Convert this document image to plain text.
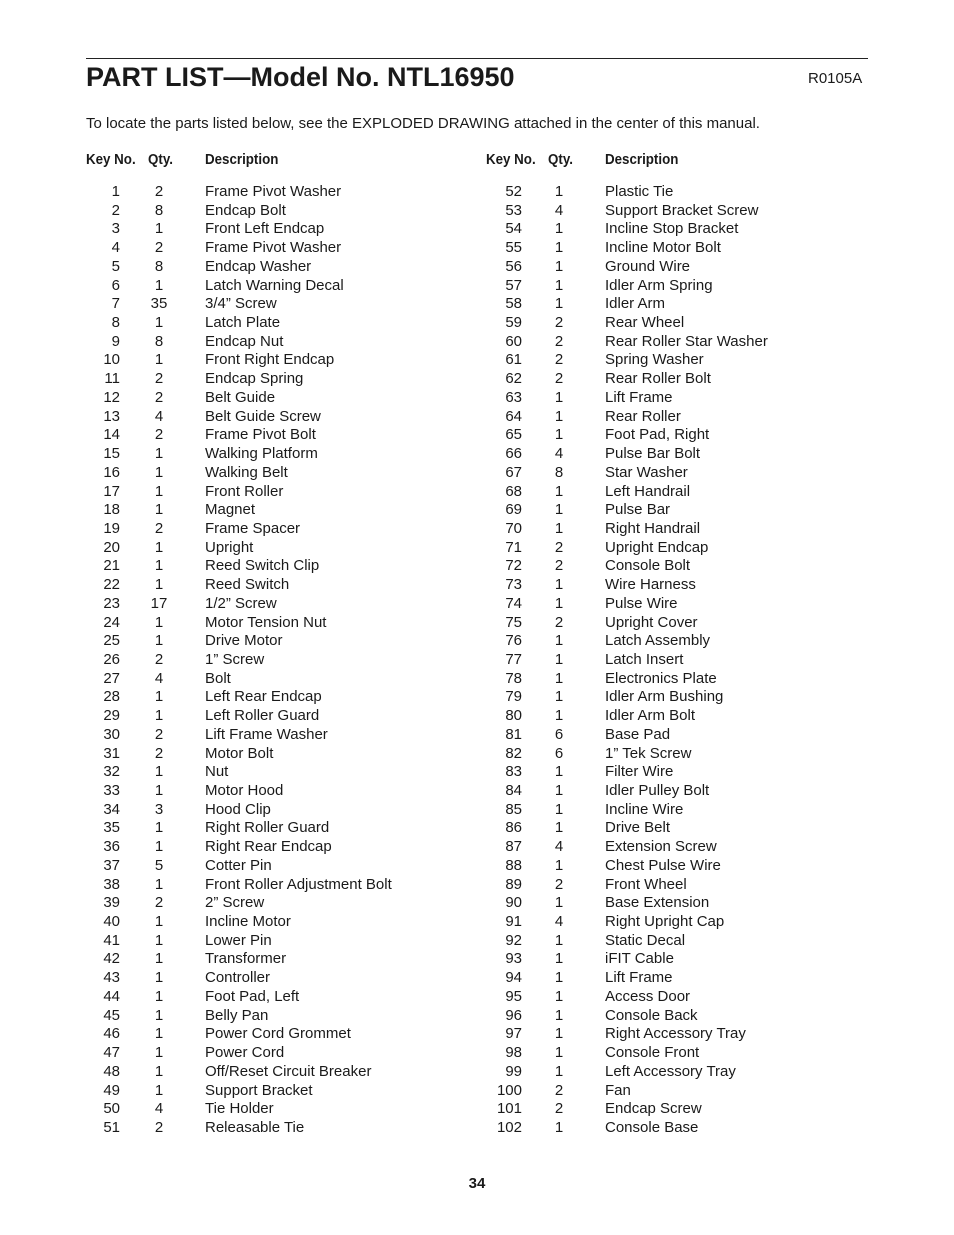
PART LIST—Model No. NTL16950	R0105A
To locate the parts listed below, see the EXPLODED DRAWING attached in the center of this manual.
Key No. Qty. Description
1	2	Frame Pivot Washer
2	8	Endcap Bolt
3	1	Front Left Endcap
4	2	Frame Pivot Washer
5	8	Endcap Washer
6	1	Latch Warning Decal
7 35	3/4” Screw
8	1	Latch Plate
9	8	Endcap Nut
10	1	Front Right Endcap
11	2	Endcap Spring
12	2	Belt Guide
13	4	Belt Guide Screw
14	2	Frame Pivot Bolt
15	1	Walking Platform
16	1	Walking Belt
17	1	Front Roller
18	1	Magnet
19	2	Frame Spacer
20	1	Upright
21	1	Reed Switch Clip
22	1	Reed Switch
23 17	1/2” Screw
24	1	Motor Tension Nut
25	1	Drive Motor
26	2	1” Screw
27	4	Bolt
28	1	Left Rear Endcap
29	1	Left Roller Guard
30	2	Lift Frame Washer
31	2	Motor Bolt
32	1	Nut
33	1	Motor Hood
34	3	Hood Clip
35	1	Right Roller Guard
36	1	Right Rear Endcap
37	5	Cotter Pin
38	1	Front Roller Adjustment Bolt
39	2	2” Screw
40	1	Incline Motor
41	1	Lower Pin
42	1	Transformer
43	1	Controller
44	1	Foot Pad, Left
45	1	Belly Pan
46	1	Power Cord Grommet
47	1	Power Cord
48	1	Off/Reset Circuit Breaker
49	1	Support Bracket
50	4	Tie Holder
51	2	Releasable Tie
Key No. Qty. Description
52	1	Plastic Tie
53	4	Support Bracket Screw
54	1	Incline Stop Bracket
55	1	Incline Motor Bolt
56	1	Ground Wire
57	1	Idler Arm Spring
58	1	Idler Arm
59	2	Rear Wheel
60	2	Rear Roller Star Washer
61	2	Spring Washer
62	2	Rear Roller Bolt
63	1	Lift Frame
64	1	Rear Roller
65	1	Foot Pad, Right
66	4	Pulse Bar Bolt
67	8	Star Washer
68	1	Left Handrail
69	1	Pulse Bar
70	1	Right Handrail
71	2	Upright Endcap
72	2	Console Bolt
73	1	Wire Harness
74	1	Pulse Wire
75	2	Upright Cover
76	1	Latch Assembly
77	1	Latch Insert
78	1	Electronics Plate
79	1	Idler Arm Bushing
80	1	Idler Arm Bolt
81	6	Base Pad
82	6	1” Tek Screw
83	1	Filter Wire
84	1	Idler Pulley Bolt
85	1	Incline Wire
86	1	Drive Belt
87	4	Extension Screw
88	1	Chest Pulse Wire
89	2	Front Wheel
90	1	Base Extension
91	4	Right Upright Cap
92	1	Static Decal
93	1	iFIT Cable
94	1	Lift Frame
95	1	Access Door
96	1	Console Back
97	1	Right Accessory Tray
98	1	Console Front
99	1	Left Accessory Tray
100	2	Fan
101	2	Endcap Screw
102	1	Console Base
34
